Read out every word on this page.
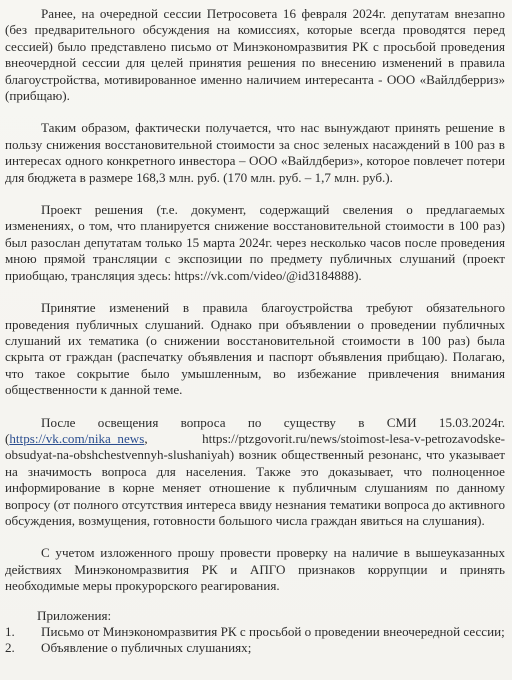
Ранее, на очередной сессии Петросовета 16 февраля 2024г. депутатам внезапно (без предварительного обсуждения на комиссиях, которые всегда проводятся перед сессией) было представлено письмо от Минэкономразвития РК с просьбой проведения внеочердной сессии для целей принятия решения по внесению изменений в правила благоустройства, мотивированное именно наличием интересанта - ООО «Вайлдберриз» (прибщаю).

Таким образом, фактически получается, что нас вынуждают принять решение в пользу снижения восстановительной стоимости за снос зеленых насаждений в 100 раз в интересах одного конкретного инвестора – ООО «Вайлдбериз», которое повлечет потери для бюджета в размере 168,3 млн. руб. (170 млн. руб. – 1,7 млн. руб.).

Проект решения (т.е. документ, содержащий свеления о предлагаемых изменениях, о том, что планируется снижение восстановительной стоимости в 100 раз) был разослан депутатам только 15 марта 2024г. через несколько часов после проведения мною прямой трансляции с экспозиции по предмету публичных слушаний (проект приобщаю, трансляция здесь: https://vk.com/video/@id3184888).

Принятие изменений в правила благоустройства требуют обязательного проведения публичных слушаний. Однако при объявлении о проведении публичных слушаний их тематика (о снижении восстановительной стоимости в 100 раз) была скрыта от граждан (распечатку объявления и паспорт объявления прибщаю). Полагаю, что такое сокрытие было умышленным, во избежание привлечения внимания общественности к данной теме.

После освещения вопроса по существу в СМИ 15.03.2024г. (https://vk.com/nika_news, https://ptzgovorit.ru/news/stoimost-lesa-v-petrozavodske-obsudyat-na-obshchestvennyh-slushaniyah) возник общественный резонанс, что указывает на значимость вопроса для населения. Также это доказывает, что полноценное информирование в корне меняет отношение к публичным слушаниям по данному вопросу (от полного отсутствия интереса ввиду незнания тематики вопроса до активного обсуждения, возмущения, готовности большого числа граждан явиться на слушания).

С учетом изложенного прошу провести проверку на наличие в вышеуказанных действиях Минэкономразвития РК и АПГО признаков коррупции и принять необходимые меры прокурорского реагирования.

Приложения:

1.	Письмо от Минэкономразвития РК с просьбой о проведении внеочередной сессии;
2.	Объявление о публичных слушаниях;
